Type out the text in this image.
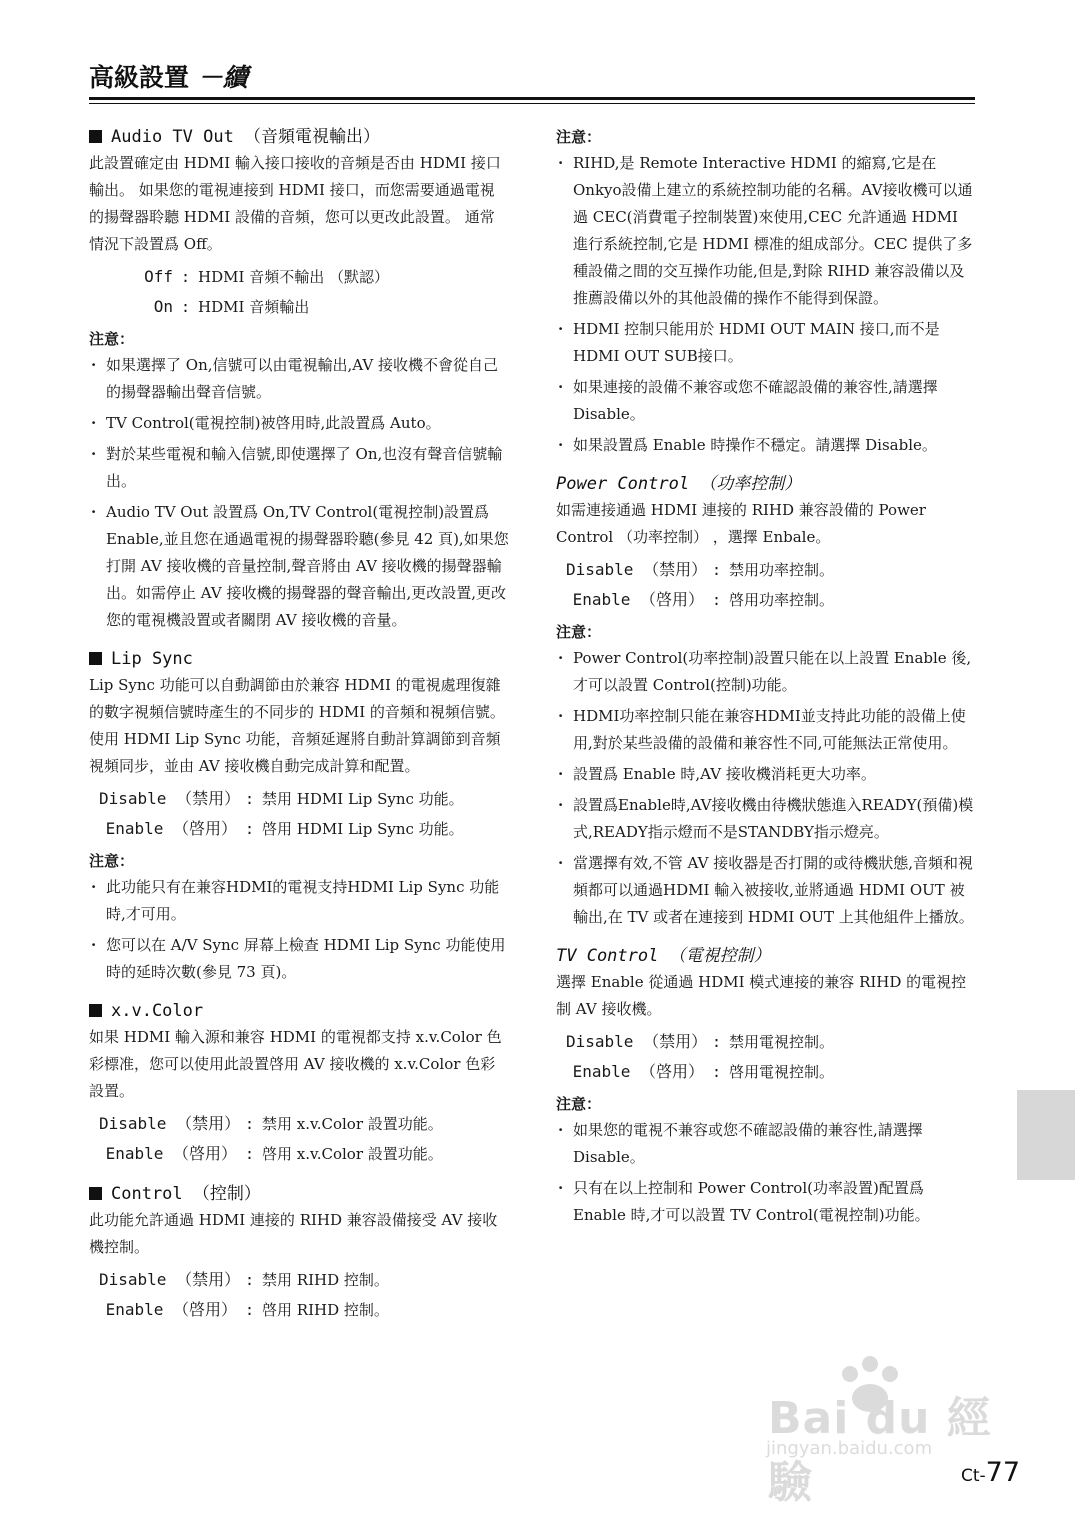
高級設置 －續
Audio TV Out （音頻電視輸出）

此設置確定由 HDMI 輸入接口接收的音頻是否由 HDMI 接口輸出。 如果您的電視連接到 HDMI 接口，而您需要通過電視的揚聲器聆聽 HDMI 設備的音頻，您可以更改此設置。 通常情況下設置爲 Off。

Off : HDMI 音頻不輸出 （默認）
On : HDMI 音頻輸出
注意：
· 如果選擇了 On,信號可以由電視輸出,AV 接收機不會從自己的揚聲器輸出聲音信號。
· TV Control(電視控制)被啓用時,此設置爲 Auto。
· 對於某些電視和輸入信號,即使選擇了 On,也沒有聲音信號輸出。
· Audio TV Out 設置爲 On,TV Control(電視控制)設置爲 Enable,並且您在通過電視的揚聲器聆聽(參見 42 頁),如果您打開 AV 接收機的音量控制,聲音將由 AV 接收機的揚聲器輸出。如需停止 AV 接收機的揚聲器的聲音輸出,更改設置,更改您的電視機設置或者關閉 AV 接收機的音量。
Lip Sync

Lip Sync 功能可以自動調節由於兼容 HDMI 的電視處理復雜的數字視頻信號時產生的不同步的 HDMI 的音頻和視頻信號。 使用 HDMI Lip Sync 功能，音頻延遲將自動計算調節到音頻視頻同步，並由 AV 接收機自動完成計算和配置。

Disable （禁用） : 禁用 HDMI Lip Sync 功能。
Enable （啓用） : 啓用 HDMI Lip Sync 功能。
注意：
· 此功能只有在兼容HDMI的電視支持HDMI Lip Sync 功能時,才可用。
· 您可以在 A/V Sync 屏幕上檢查 HDMI Lip Sync 功能使用時的延時次數(參見 73 頁)。
x.v.Color

如果 HDMI 輸入源和兼容 HDMI 的電視都支持 x.v.Color 色彩標准，您可以使用此設置啓用 AV 接收機的 x.v.Color 色彩設置。

Disable （禁用） : 禁用 x.v.Color 設置功能。
Enable （啓用） : 啓用 x.v.Color 設置功能。
Control （控制）

此功能允許通過 HDMI 連接的 RIHD 兼容設備接受 AV 接收機控制。

Disable （禁用） : 禁用 RIHD 控制。
Enable （啓用） : 啓用 RIHD 控制。
注意：
· RIHD,是 Remote Interactive HDMI 的縮寫,它是在Onkyo設備上建立的系統控制功能的名稱。AV接收機可以通過 CEC(消費電子控制裝置)來使用,CEC 允許通過 HDMI 進行系統控制,它是 HDMI 標准的組成部分。CEC 提供了多種設備之間的交互操作功能,但是,對除 RIHD 兼容設備以及推薦設備以外的其他設備的操作不能得到保證。
· HDMI 控制只能用於 HDMI OUT MAIN 接口,而不是 HDMI OUT SUB接口。
· 如果連接的設備不兼容或您不確認設備的兼容性,請選擇 Disable。
· 如果設置爲 Enable 時操作不穩定。請選擇 Disable。
Power Control （功率控制）

如需連接通過 HDMI 連接的 RIHD 兼容設備的 Power Control （功率控制） ，選擇 Enbale。

Disable （禁用） : 禁用功率控制。
Enable （啓用） : 啓用功率控制。
注意：
· Power Control(功率控制)設置只能在以上設置 Enable 後,才可以設置 Control(控制)功能。
· HDMI功率控制只能在兼容HDMI並支持此功能的設備上使用,對於某些設備的設備和兼容性不同,可能無法正常使用。
· 設置爲 Enable 時,AV 接收機消耗更大功率。
· 設置爲Enable時,AV接收機由待機狀態進入READY(預備)模式,READY指示燈而不是STANDBY指示燈亮。
· 當選擇有效,不管 AV 接收器是否打開的或待機狀態,音頻和視頻都可以通過HDMI 輸入被接收,並將通過 HDMI OUT 被輸出,在 TV 或者在連接到 HDMI OUT 上其他組件上播放。
TV Control （電視控制）

選擇 Enable 從通過 HDMI 模式連接的兼容 RIHD 的電視控制 AV 接收機。

Disable （禁用） : 禁用電視控制。
Enable （啓用） : 啓用電視控制。
注意：
· 如果您的電視不兼容或您不確認設備的兼容性,請選擇 Disable。
· 只有在以上控制和 Power Control(功率設置)配置爲 Enable 時,才可以設置 TV Control(電視控制)功能。
Bai du 經驗
jingyan.baidu.com
Ct-77
